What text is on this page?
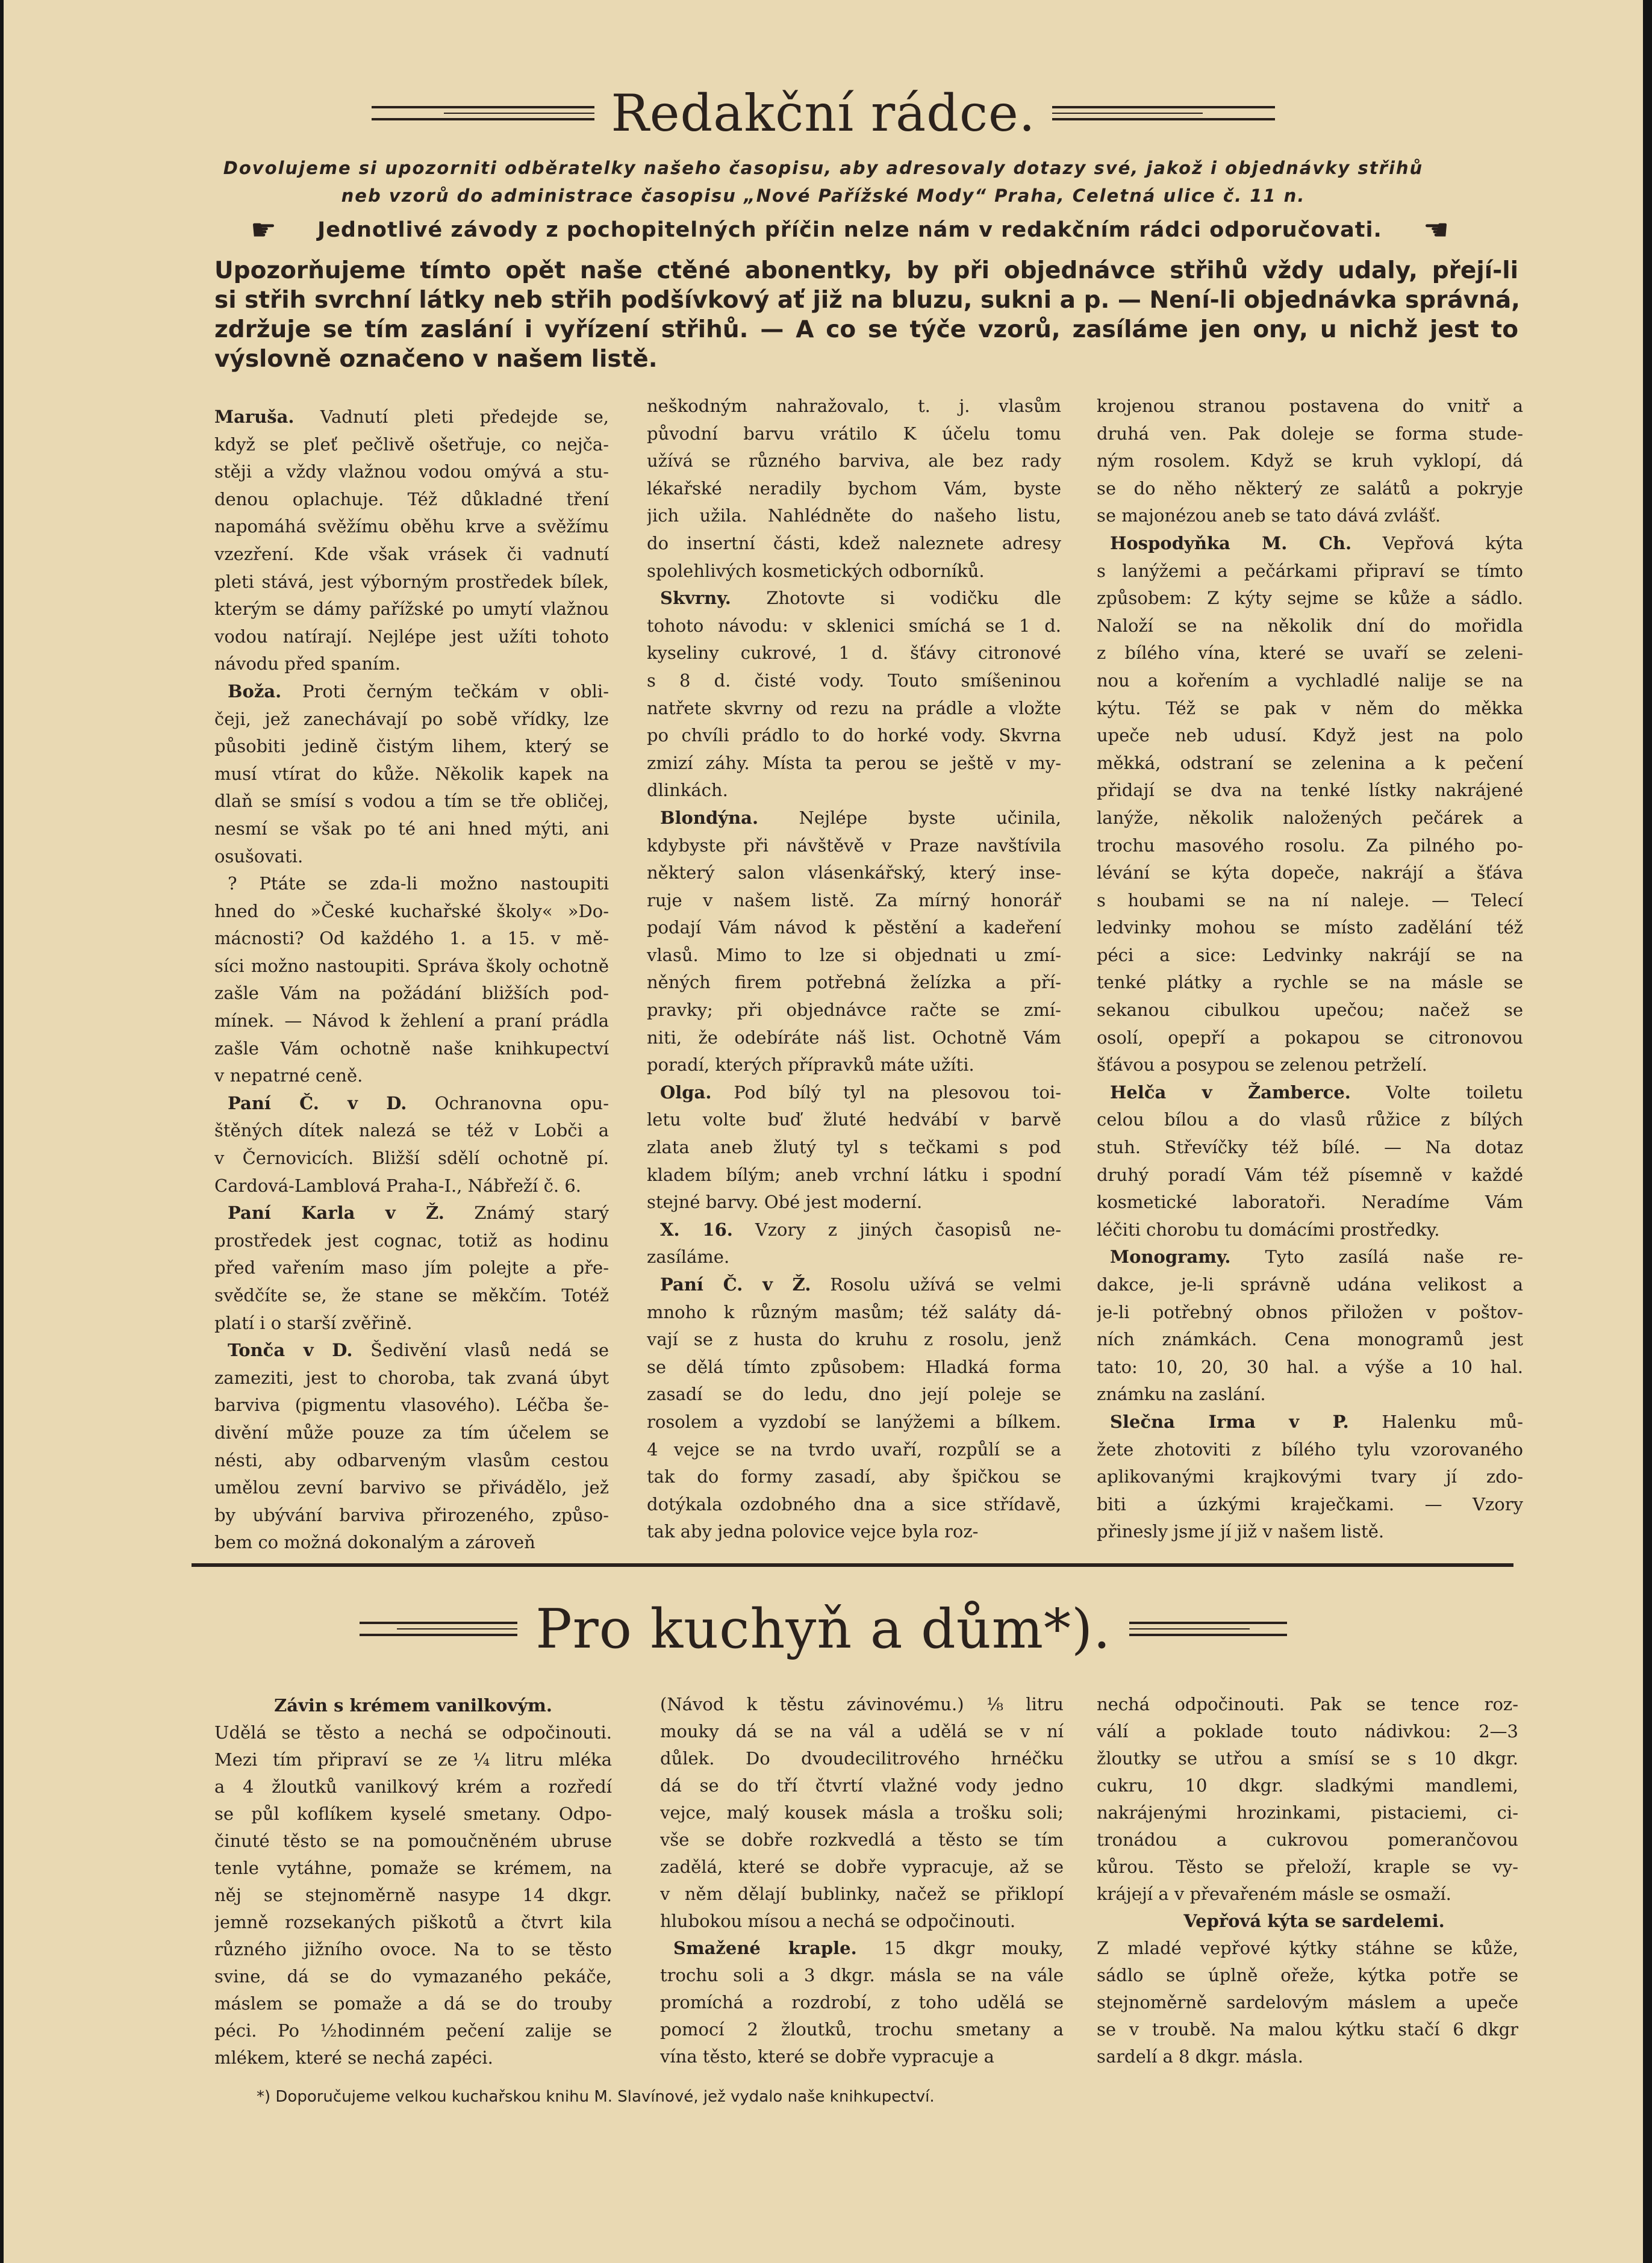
Redakční rádce.
Dovolujeme si upozorniti odběratelky našeho časopisu, aby adresovaly dotazy své, jakož i objednávky střihů
neb vzorů do administrace časopisu „Nové Pařížské Mody“ Praha, Celetná ulice č. 11 n.
☛ Jednotlivé závody z pochopitelných příčin nelze nám v redakčním rádci odporučovati. ☚
Upozorňujeme tímto opět naše ctěné abonentky, by při objednávce střihů vždy udaly, přejí-li
si střih svrchní látky neb střih podšívkový ať již na bluzu, sukni a p. — Není-li objednávka správná,
zdržuje se tím zaslání i vyřízení střihů. — A co se týče vzorů, zasíláme jen ony, u nichž jest to
výslovně označeno v našem listě.
Maruša. Vadnutí pleti předejde se,
když se pleť pečlivě ošetřuje, co nejča-
stěji a vždy vlažnou vodou omývá a stu-
denou oplachuje. Též důkladné tření
napomáhá svěžímu oběhu krve a svěžímu
vzezření. Kde však vrásek či vadnutí
pleti stává, jest výborným prostředek bílek,
kterým se dámy pařížské po umytí vlažnou
vodou natírají. Nejlépe jest užíti tohoto
návodu před spaním.
Boža. Proti černým tečkám v obli-
čeji, jež zanechávají po sobě vřídky, lze
působiti jedině čistým lihem, který se
musí vtírat do kůže. Několik kapek na
dlaň se smísí s vodou a tím se tře obličej,
nesmí se však po té ani hned mýti, ani
osušovati.
? Ptáte se zda-li možno nastoupiti
hned do »České kuchařské školy« »Do-
mácnosti? Od každého 1. a 15. v mě-
síci možno nastoupiti. Správa školy ochotně
zašle Vám na požádání bližších pod-
mínek. — Návod k žehlení a praní prádla
zašle Vám ochotně naše knihkupectví
v nepatrné ceně.
Paní Č. v D. Ochranovna opu-
štěných dítek nalezá se též v Lobči a
v Černovicích. Bližší sdělí ochotně pí.
Cardová-Lamblová Praha-I., Nábřeží č. 6.
Paní Karla v Ž. Známý starý
prostředek jest cognac, totiž as hodinu
před vařením maso jím polejte a pře-
svědčíte se, že stane se měkčím. Totéž
platí i o starší zvěřině.
Tonča v D. Šedivění vlasů nedá se
zameziti, jest to choroba, tak zvaná úbyt
barviva (pigmentu vlasového). Léčba še-
divění může pouze za tím účelem se
nésti, aby odbarveným vlasům cestou
umělou zevní barvivo se přivádělo, jež
by ubývání barviva přirozeného, způso-
bem co možná dokonalým a zároveň
neškodným nahražovalo, t. j. vlasům
původní barvu vrátilo K účelu tomu
užívá se různého barviva, ale bez rady
lékařské neradily bychom Vám, byste
jich užila. Nahlédněte do našeho listu,
do insertní části, kdež naleznete adresy
spolehlivých kosmetických odborníků.
Skvrny. Zhotovte si vodičku dle
tohoto návodu: v sklenici smíchá se 1 d.
kyseliny cukrové, 1 d. šťávy citronové
s 8 d. čisté vody. Touto smíšeninou
natřete skvrny od rezu na prádle a vložte
po chvíli prádlo to do horké vody. Skvrna
zmizí záhy. Místa ta perou se ještě v my-
dlinkách.
Blondýna. Nejlépe byste učinila,
kdybyste při návštěvě v Praze navštívila
některý salon vlásenkářský, který inse-
ruje v našem listě. Za mírný honorář
podají Vám návod k pěstění a kadeření
vlasů. Mimo to lze si objednati u zmí-
něných firem potřebná želízka a pří-
pravky; při objednávce račte se zmí-
niti, že odebíráte náš list. Ochotně Vám
poradí, kterých přípravků máte užíti.
Olga. Pod bílý tyl na plesovou toi-
letu volte buď žluté hedvábí v barvě
zlata aneb žlutý tyl s tečkami s pod
kladem bílým; aneb vrchní látku i spodní
stejné barvy. Obé jest moderní.
X. 16. Vzory z jiných časopisů ne-
zasíláme.
Paní Č. v Ž. Rosolu užívá se velmi
mnoho k různým masům; též saláty dá-
vají se z husta do kruhu z rosolu, jenž
se dělá tímto způsobem: Hladká forma
zasadí se do ledu, dno její poleje se
rosolem a vyzdobí se lanýžemi a bílkem.
4 vejce se na tvrdo uvaří, rozpůlí se a
tak do formy zasadí, aby špičkou se
dotýkala ozdobného dna a sice střídavě,
tak aby jedna polovice vejce byla roz-
krojenou stranou postavena do vnitř a
druhá ven. Pak doleje se forma stude-
ným rosolem. Když se kruh vyklopí, dá
se do něho některý ze salátů a pokryje
se majonézou aneb se tato dává zvlášť.
Hospodyňka M. Ch. Vepřová kýta
s lanýžemi a pečárkami připraví se tímto
způsobem: Z kýty sejme se kůže a sádlo.
Naloží se na několik dní do mořidla
z bílého vína, které se uvaří se zeleni-
nou a kořením a vychladlé nalije se na
kýtu. Též se pak v něm do měkka
upeče neb udusí. Když jest na polo
měkká, odstraní se zelenina a k pečení
přidají se dva na tenké lístky nakrájené
lanýže, několik naložených pečárek a
trochu masového rosolu. Za pilného po-
lévání se kýta dopeče, nakrájí a šťáva
s houbami se na ní naleje. — Telecí
ledvinky mohou se místo zadělání též
péci a sice: Ledvinky nakrájí se na
tenké plátky a rychle se na másle se
sekanou cibulkou upečou; načež se
osolí, opepří a pokapou se citronovou
šťávou a posypou se zelenou petrželí.
Helča v Žamberce. Volte toiletu
celou bílou a do vlasů růžice z bílých
stuh. Střevíčky též bílé. — Na dotaz
druhý poradí Vám též písemně v každé
kosmetické laboratoři. Neradíme Vám
léčiti chorobu tu domácími prostředky.
Monogramy. Tyto zasílá naše re-
dakce, je-li správně udána velikost a
je-li potřebný obnos přiložen v poštov-
ních známkách. Cena monogramů jest
tato: 10, 20, 30 hal. a výše a 10 hal.
známku na zaslání.
Slečna Irma v P. Halenku mů-
žete zhotoviti z bílého tylu vzorovaného
aplikovanými krajkovými tvary jí zdo-
biti a úzkými kraječkami. — Vzory
přinesly jsme jí již v našem listě.
Pro kuchyň a dům*).
Závin s krémem vanilkovým.
Udělá se těsto a nechá se odpočinouti.
Mezi tím připraví se ze ¼ litru mléka
a 4 žloutků vanilkový krém a rozředí
se půl koflíkem kyselé smetany. Odpo-
činuté těsto se na pomoučněném ubruse
tenle vytáhne, pomaže se krémem, na
něj se stejnoměrně nasype 14 dkgr.
jemně rozsekaných piškotů a čtvrt kila
různého jižního ovoce. Na to se těsto
svine, dá se do vymazaného pekáče,
máslem se pomaže a dá se do trouby
péci. Po ½hodinném pečení zalije se
mlékem, které se nechá zapéci.
(Návod k těstu závinovému.) ⅛ litru
mouky dá se na vál a udělá se v ní
důlek. Do dvoudecilitrového hrnéčku
dá se do tří čtvrtí vlažné vody jedno
vejce, malý kousek másla a trošku soli;
vše se dobře rozkvedlá a těsto se tím
zadělá, které se dobře vypracuje, až se
v něm dělají bublinky, načež se přiklopí
hlubokou mísou a nechá se odpočinouti.
Smažené kraple. 15 dkgr mouky,
trochu soli a 3 dkgr. másla se na vále
promíchá a rozdrobí, z toho udělá se
pomocí 2 žloutků, trochu smetany a
vína těsto, které se dobře vypracuje a
nechá odpočinouti. Pak se tence roz-
válí a poklade touto nádivkou: 2—3
žloutky se utřou a smísí se s 10 dkgr.
cukru, 10 dkgr. sladkými mandlemi,
nakrájenými hrozinkami, pistaciemi, ci-
tronádou a cukrovou pomerančovou
kůrou. Těsto se přeloží, kraple se vy-
krájejí a v převařeném másle se osmaží.
Vepřová kýta se sardelemi.
Z mladé vepřové kýtky stáhne se kůže,
sádlo se úplně ořeže, kýtka potře se
stejnoměrně sardelovým máslem a upeče
se v troubě. Na malou kýtku stačí 6 dkgr
sardelí a 8 dkgr. másla.
*) Doporučujeme velkou kuchařskou knihu M. Slavínové, jež vydalo naše knihkupectví.
